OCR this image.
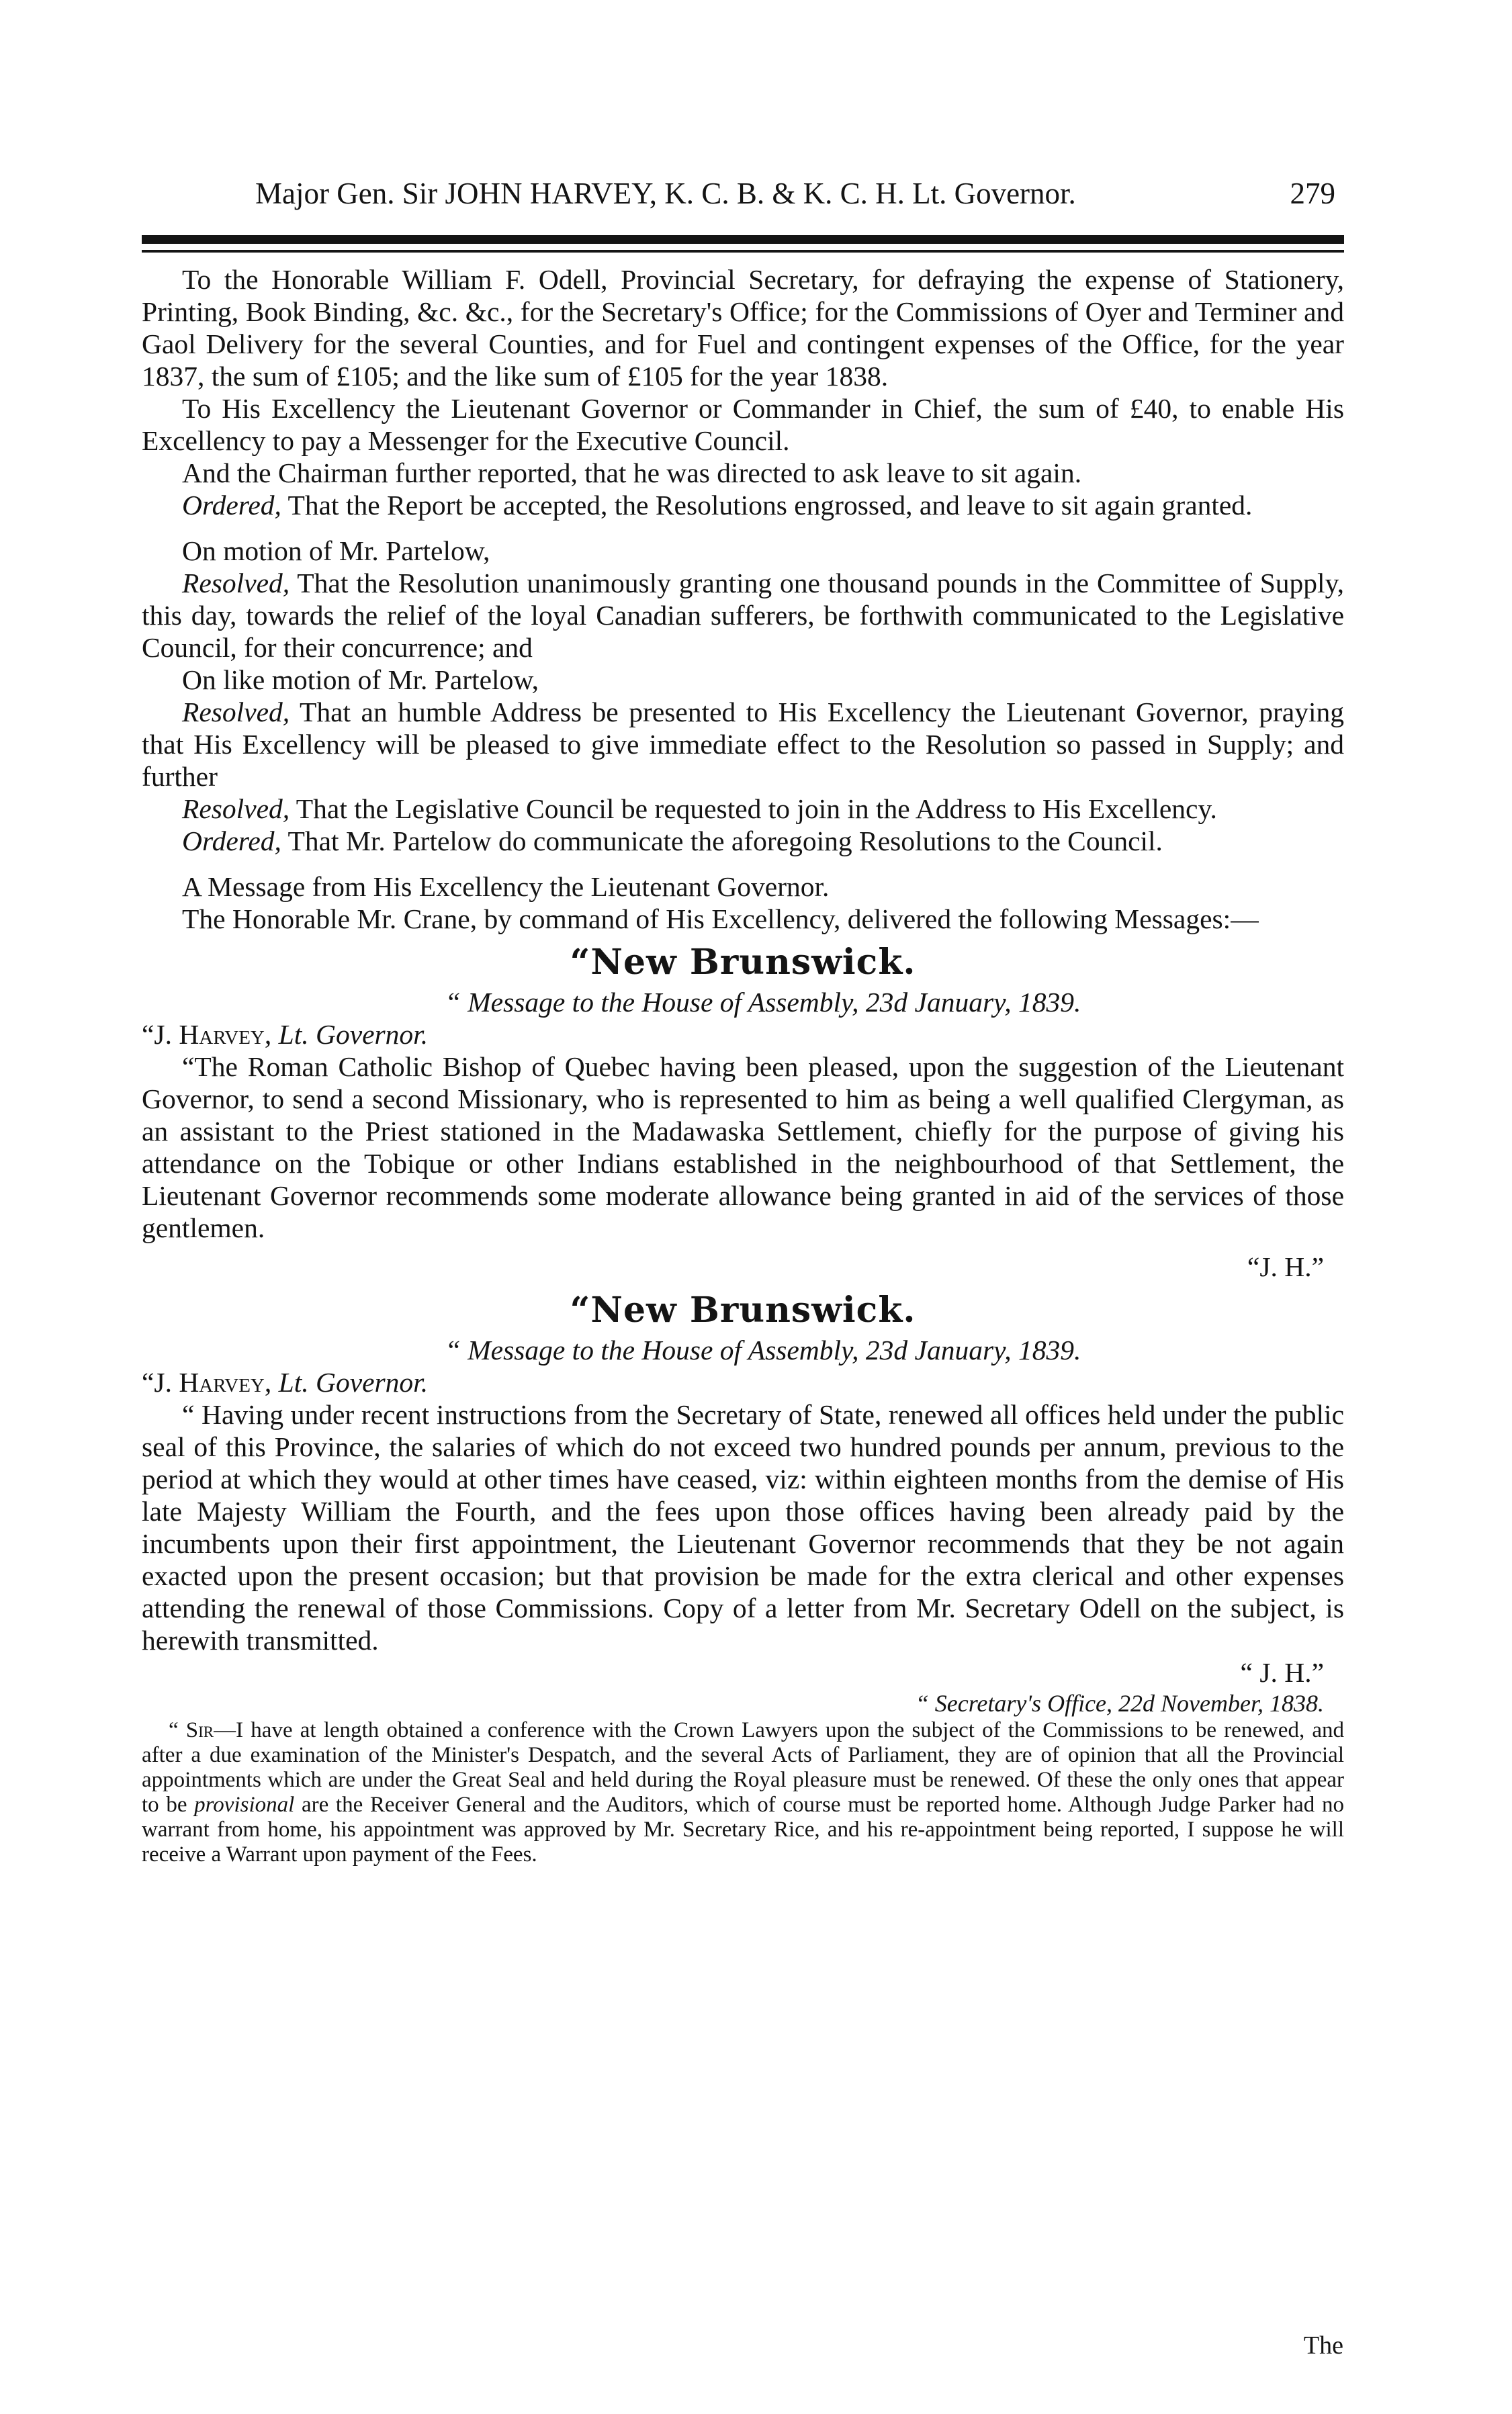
Major Gen. Sir JOHN HARVEY, K. C. B. & K. C. H. Lt. Governor.	279

To the Honorable William F. Odell, Provincial Secretary, for defraying the expense of Stationery, Printing, Book Binding, &c. &c., for the Secretary's Office; for the Commissions of Oyer and Terminer and Gaol Delivery for the several Counties, and for Fuel and contingent expenses of the Office, for the year 1837, the sum of £105; and the like sum of £105 for the year 1838.

To His Excellency the Lieutenant Governor or Commander in Chief, the sum of £40, to enable His Excellency to pay a Messenger for the Executive Council.

And the Chairman further reported, that he was directed to ask leave to sit again.

Ordered, That the Report be accepted, the Resolutions engrossed, and leave to sit again granted.

On motion of Mr. Partelow,

Resolved, That the Resolution unanimously granting one thousand pounds in the Committee of Supply, this day, towards the relief of the loyal Canadian sufferers, be forthwith communicated to the Legislative Council, for their concurrence; and

On like motion of Mr. Partelow,

Resolved, That an humble Address be presented to His Excellency the Lieutenant Governor, praying that His Excellency will be pleased to give immediate effect to the Resolution so passed in Supply; and further

Resolved, That the Legislative Council be requested to join in the Address to His Excellency.

Ordered, That Mr. Partelow do communicate the aforegoing Resolutions to the Council.

A Message from His Excellency the Lieutenant Governor.

The Honorable Mr. Crane, by command of His Excellency, delivered the following Messages:—

“New Brunswick.

“ Message to the House of Assembly, 23d January, 1839.

“J. Harvey, Lt. Governor.

“The Roman Catholic Bishop of Quebec having been pleased, upon the suggestion of the Lieutenant Governor, to send a second Missionary, who is represented to him as being a well qualified Clergyman, as an assistant to the Priest stationed in the Madawaska Settlement, chiefly for the purpose of giving his attendance on the Tobique or other Indians established in the neighbourhood of that Settlement, the Lieutenant Governor recommends some moderate allowance being granted in aid of the services of those gentlemen.

“J. H.”

“New Brunswick.

“ Message to the House of Assembly, 23d January, 1839.

“J. Harvey, Lt. Governor.

“ Having under recent instructions from the Secretary of State, renewed all offices held under the public seal of this Province, the salaries of which do not exceed two hundred pounds per annum, previous to the period at which they would at other times have ceased, viz: within eighteen months from the demise of His late Majesty William the Fourth, and the fees upon those offices having been already paid by the incumbents upon their first appointment, the Lieutenant Governor recommends that they be not again exacted upon the present occasion; but that provision be made for the extra clerical and other expenses attending the renewal of those Commissions. Copy of a letter from Mr. Secretary Odell on the subject, is herewith transmitted.

“ J. H.”

“ Secretary's Office, 22d November, 1838.

“ Sir—I have at length obtained a conference with the Crown Lawyers upon the subject of the Commissions to be renewed, and after a due examination of the Minister's Despatch, and the several Acts of Parliament, they are of opinion that all the Provincial appointments which are under the Great Seal and held during the Royal pleasure must be renewed. Of these the only ones that appear to be provisional are the Receiver General and the Auditors, which of course must be reported home. Although Judge Parker had no warrant from home, his appointment was approved by Mr. Secretary Rice, and his re-appointment being reported, I suppose he will receive a Warrant upon payment of the Fees.

The
